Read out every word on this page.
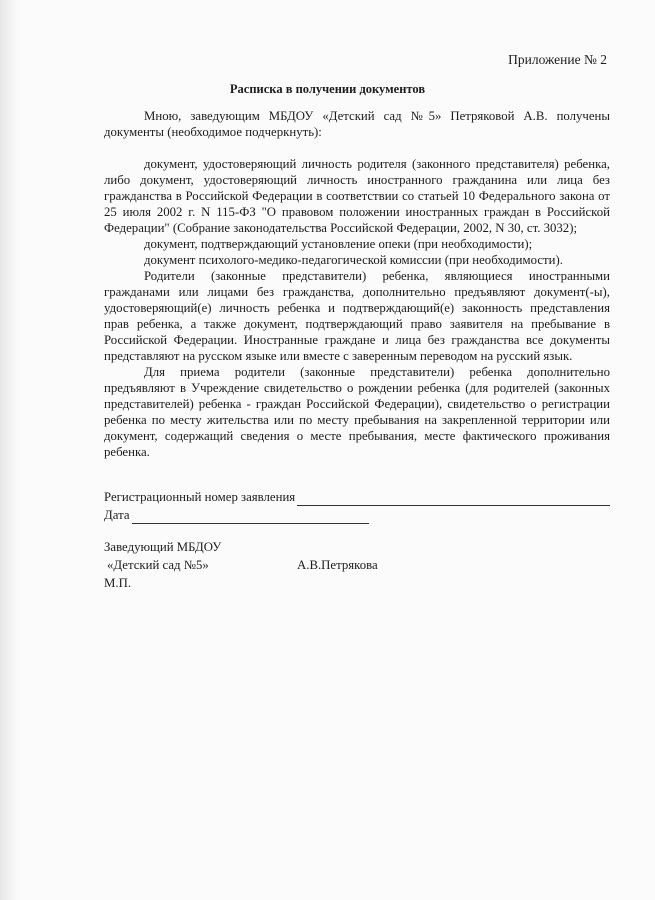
Приложение № 2
Расписка в получении документов

Мною, заведующим МБДОУ «Детский сад №5» Петряковой А.В. получены документы (необходимое подчеркнуть):

документ, удостоверяющий личность родителя (законного представителя) ребенка, либо документ, удостоверяющий личность иностранного гражданина или лица без гражданства в Российской Федерации в соответствии со статьей 10 Федерального закона от 25 июля 2002 г. N 115-ФЗ "О правовом положении иностранных граждан в Российской Федерации" (Собрание законодательства Российской Федерации, 2002, N 30, ст. 3032);

документ, подтверждающий установление опеки (при необходимости);

документ психолого-медико-педагогической комиссии (при необходимости).

Родители (законные представители) ребенка, являющиеся иностранными гражданами или лицами без гражданства, дополнительно предъявляют документ(-ы), удостоверяющий(е) личность ребенка и подтверждающий(е) законность представления прав ребенка, а также документ, подтверждающий право заявителя на пребывание в Российской Федерации. Иностранные граждане и лица без гражданства все документы представляют на русском языке или вместе с заверенным переводом на русский язык.

Для приема родители (законные представители) ребенка дополнительно предъявляют в Учреждение свидетельство о рождении ребенка (для родителей (законных представителей) ребенка - граждан Российской Федерации), свидетельство о регистрации ребенка по месту жительства или по месту пребывания на закрепленной территории или документ, содержащий сведения о месте пребывания, месте фактического проживания ребенка.

Регистрационный номер заявления
Дата
Заведующий МБДОУ
«Детский сад №5»	А.В.Петрякова
М.П.
